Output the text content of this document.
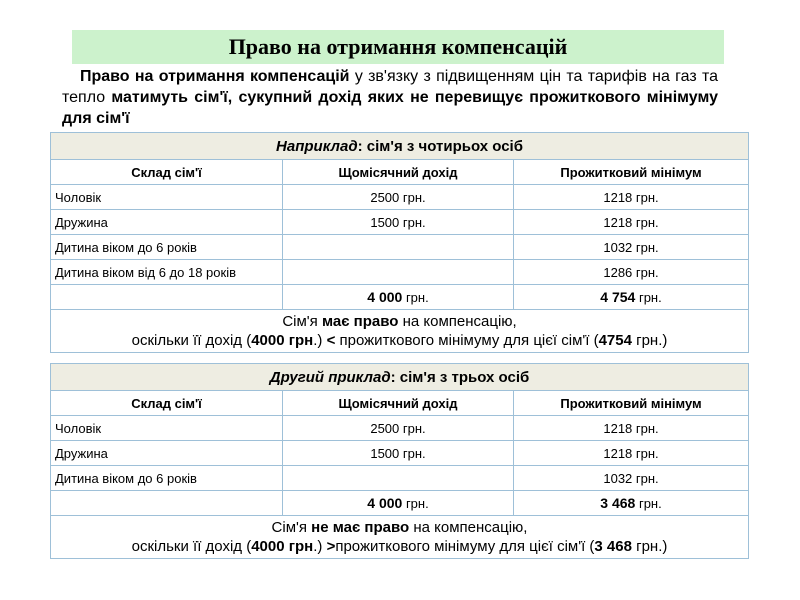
Право на отримання компенсацій
Право на отримання компенсацій у зв'язку з підвищенням цін та тарифів на газ та тепло матимуть сім'ї, сукупний дохід яких не перевищує прожиткового мінімуму для сім'ї
Наприклад: сім'я з чотирьох осіб		
Склад сім'ї	Щомісячний дохід	Прожитковий мінімум
Чоловік	2500 грн.	1218 грн.
Дружина	1500 грн.	1218 грн.
Дитина віком до 6 років		1032 грн.
Дитина віком від 6 до 18 років		1286 грн.
	4 000 грн.	4 754 грн.
Сім'я має право на компенсацію,
оскільки її дохід (4000 грн.) < прожиткового мінімуму для цієї сім'ї (4754 грн.)		
Другий приклад: сім'я з трьох осіб		
Склад сім'ї	Щомісячний дохід	Прожитковий мінімум
Чоловік	2500 грн.	1218 грн.
Дружина	1500 грн.	1218 грн.
Дитина віком до 6 років		1032 грн.
	4 000 грн.	3 468 грн.
Сім'я не має право на компенсацію,
оскільки її дохід (4000 грн.) >прожиткового мінімуму для цієї сім'ї (3 468 грн.)		
